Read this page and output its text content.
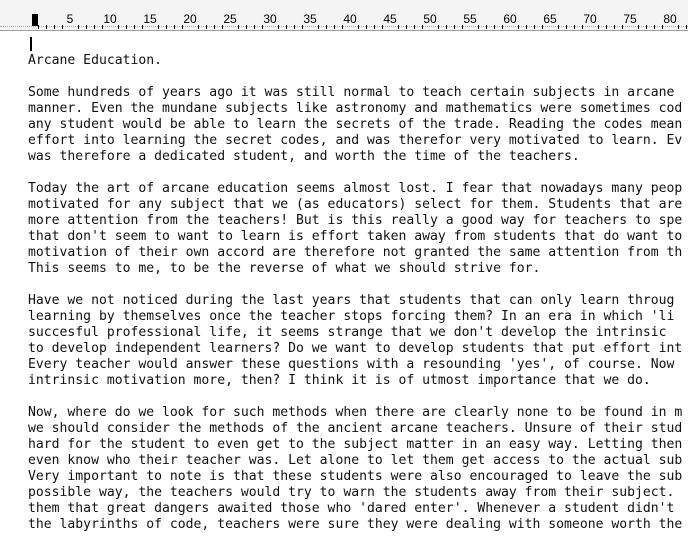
5 10 15 20 25 30 35 40 45 50 55 60 65 70 75 80
Arcane Education.
Some hundreds of years ago it was still normal to teach certain subjects in arcane
manner. Even the mundane subjects like astronomy and mathematics were sometimes cod
any student would be able to learn the secrets of the trade. Reading the codes mean
effort into learning the secret codes, and was therefor very motivated to learn. Ev
was therefore a dedicated student, and worth the time of the teachers.
Today the art of arcane education seems almost lost. I fear that nowadays many peop
motivated for any subject that we (as educators) select for them. Students that are
more attention from the teachers! But is this really a good way for teachers to spe
that don't seem to want to learn is effort taken away from students that do want to
motivation of their own accord are therefore not granted the same attention from th
This seems to me, to be the reverse of what we should strive for.
Have we not noticed during the last years that students that can only learn throug
learning by themselves once the teacher stops forcing them? In an era in which 'li
succesful professional life, it seems strange that we don't develop the intrinsic
to develop independent learners? Do we want to develop students that put effort int
Every teacher would answer these questions with a resounding 'yes', of course. Now
intrinsic motivation more, then? I think it is of utmost importance that we do.
Now, where do we look for such methods when there are clearly none to be found in m
we should consider the methods of the ancient arcane teachers. Unsure of their stud
hard for the student to even get to the subject matter in an easy way. Letting then
even know who their teacher was. Let alone to let them get access to the actual sub
Very important to note is that these students were also encouraged to leave the sub
possible way, the teachers would try to warn the students away from their subject.
them that great dangers awaited those who 'dared enter'. Whenever a student didn't
the labyrinths of code, teachers were sure they were dealing with someone worth the
